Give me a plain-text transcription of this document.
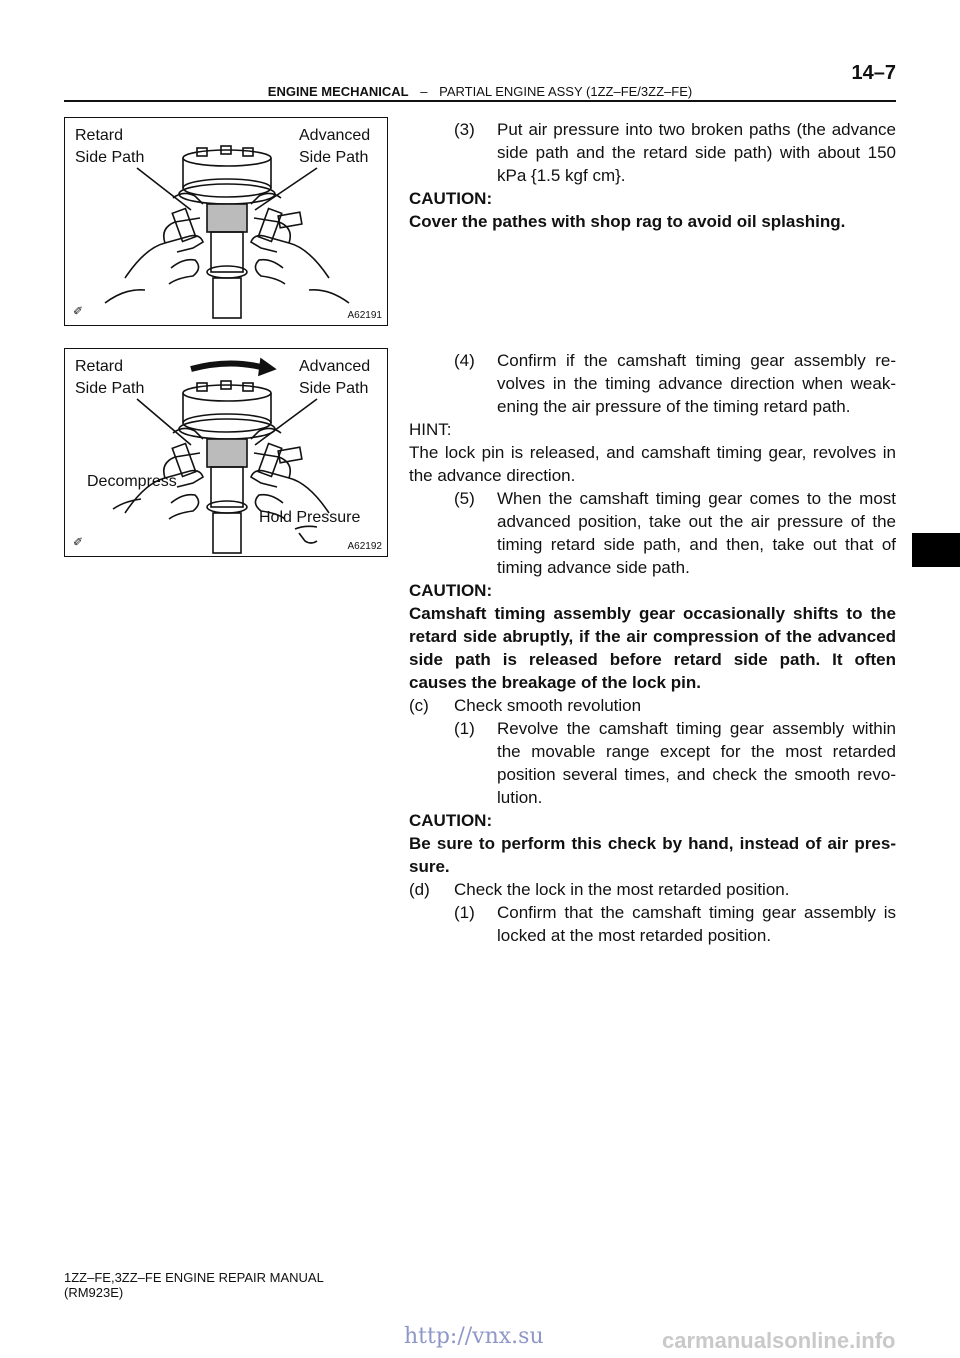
14–7
ENGINE MECHANICAL – PARTIAL ENGINE ASSY (1ZZ–FE/3ZZ–FE)
Retard
Side Path
Advanced
Side Path
✐	A62191
Retard
Side Path
Advanced
Side Path
Decompress
Hold Pressure
✐	A62192
(3) Put air pressure into two broken paths (the advance
side path and the retard side path) with about 150
kPa {1.5 kgf cm}.
CAUTION:
Cover the pathes with shop rag to avoid oil splashing.
(4) Confirm if the camshaft timing gear assembly re-
volves in the timing advance direction when weak-
ening the air pressure of the timing retard path.
HINT:
The lock pin is released, and camshaft timing gear, revolves in
the advance direction.
(5) When the camshaft timing gear comes to the most
advanced position, take out the air pressure of the
timing retard side path, and then, take out that of
timing advance side path.
CAUTION:
Camshaft timing assembly gear occasionally shifts to the
retard side abruptly, if the air compression of the advanced
side path is released before retard side path. It often
causes the breakage of the lock pin.
(c) Check smooth revolution
(1) Revolve the camshaft timing gear assembly within
the movable range except for the most retarded
position several times, and check the smooth revo-
lution.
CAUTION:
Be sure to perform this check by hand, instead of air pres-
sure.
(d) Check the lock in the most retarded position.
(1) Confirm that the camshaft timing gear assembly is
locked at the most retarded position.
1ZZ–FE,3ZZ–FE ENGINE REPAIR MANUAL
(RM923E)
http://vnx.su	carmanualsonline.info
